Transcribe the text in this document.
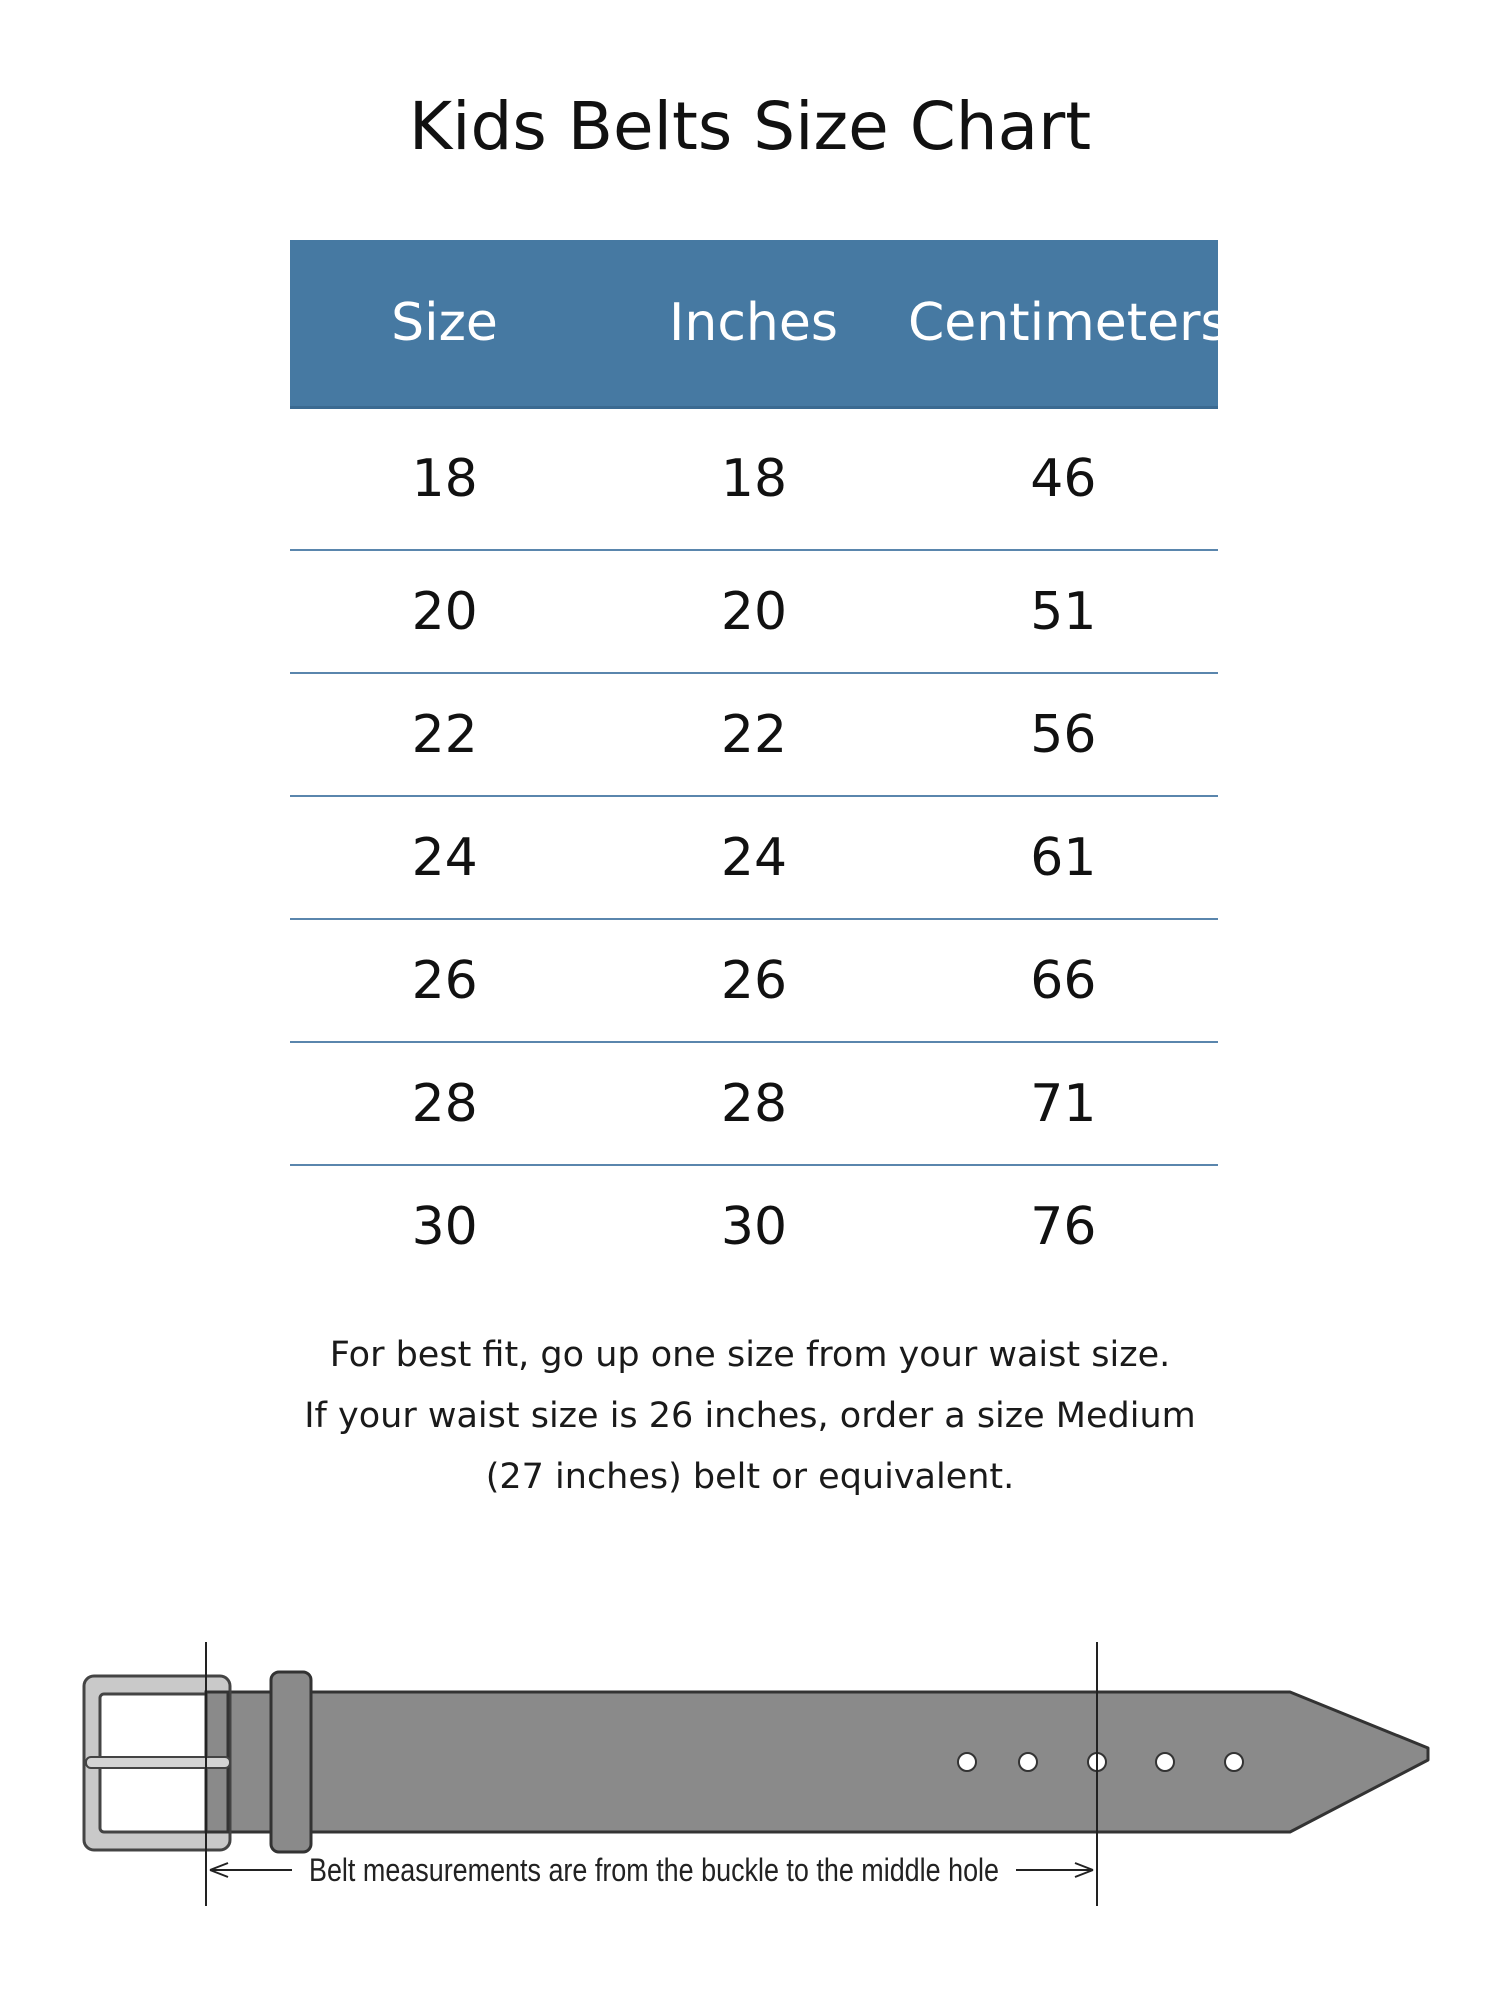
Kids Belts Size Chart
Size	Inches	Centimeters
18	18	46
20	20	51
22	22	56
24	24	61
26	26	66
28	28	71
30	30	76
For best fit, go up one size from your waist size.
If your waist size is 26 inches, order a size Medium
(27 inches) belt or equivalent.
Belt measurements are from the buckle to the middle hole
